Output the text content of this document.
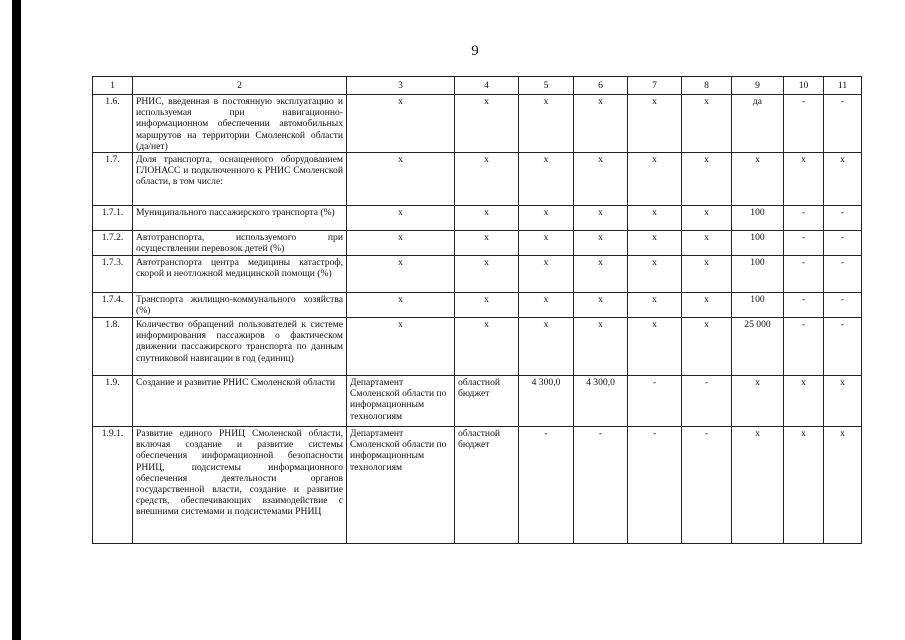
9
1	2	3	4	5	6	7	8	9	10	11
1.6.	РНИС, введенная в постоянную эксплуатацию и используемая при навигационно-информационном обеспечении автомобильных маршрутов на территории Смоленской области (да/нет)	х	х	х	х	х	х	да	-	-
1.7.	Доля транспорта, оснащенного оборудованием ГЛОНАСС и подключенного к РНИС Смоленской области, в том числе:	х	х	х	х	х	х	х	х	х
1.7.1.	Муниципального пассажирского транспорта (%)	х	х	х	х	х	х	100	-	-
1.7.2.	Автотранспорта, используемого при осуществлении перевозок детей (%)	х	х	х	х	х	х	100	-	-
1.7.3.	Автотранспорта центра медицины катастроф, скорой и неотложной медицинской помощи (%)	х	х	х	х	х	х	100	-	-
1.7.4.	Транспорта жилищно-коммунального хозяйства (%)	х	х	х	х	х	х	100	-	-
1.8.	Количество обращений пользователей к системе информирования пассажиров о фактическом движении пассажирского транспорта по данным спутниковой навигации в год (единиц)	х	х	х	х	х	х	25 000	-	-
1.9.	Создание и развитие РНИС Смоленской области	Департамент Смоленской области по информационным технологиям	областной бюджет	4 300,0	4 300,0	-	-	х	х	х
1.9.1.	Развитие единого РНИЦ Смоленской области, включая создание и развитие системы обеспечения информационной безопасности РНИЦ, подсистемы информационного обеспечения деятельности органов государственной власти, создание и развитие средств, обеспечивающих взаимодействие с внешними системами и подсистемами РНИЦ	Департамент Смоленской области по информационным технологиям	областной бюджет	-	-	-	-	х	х	х
